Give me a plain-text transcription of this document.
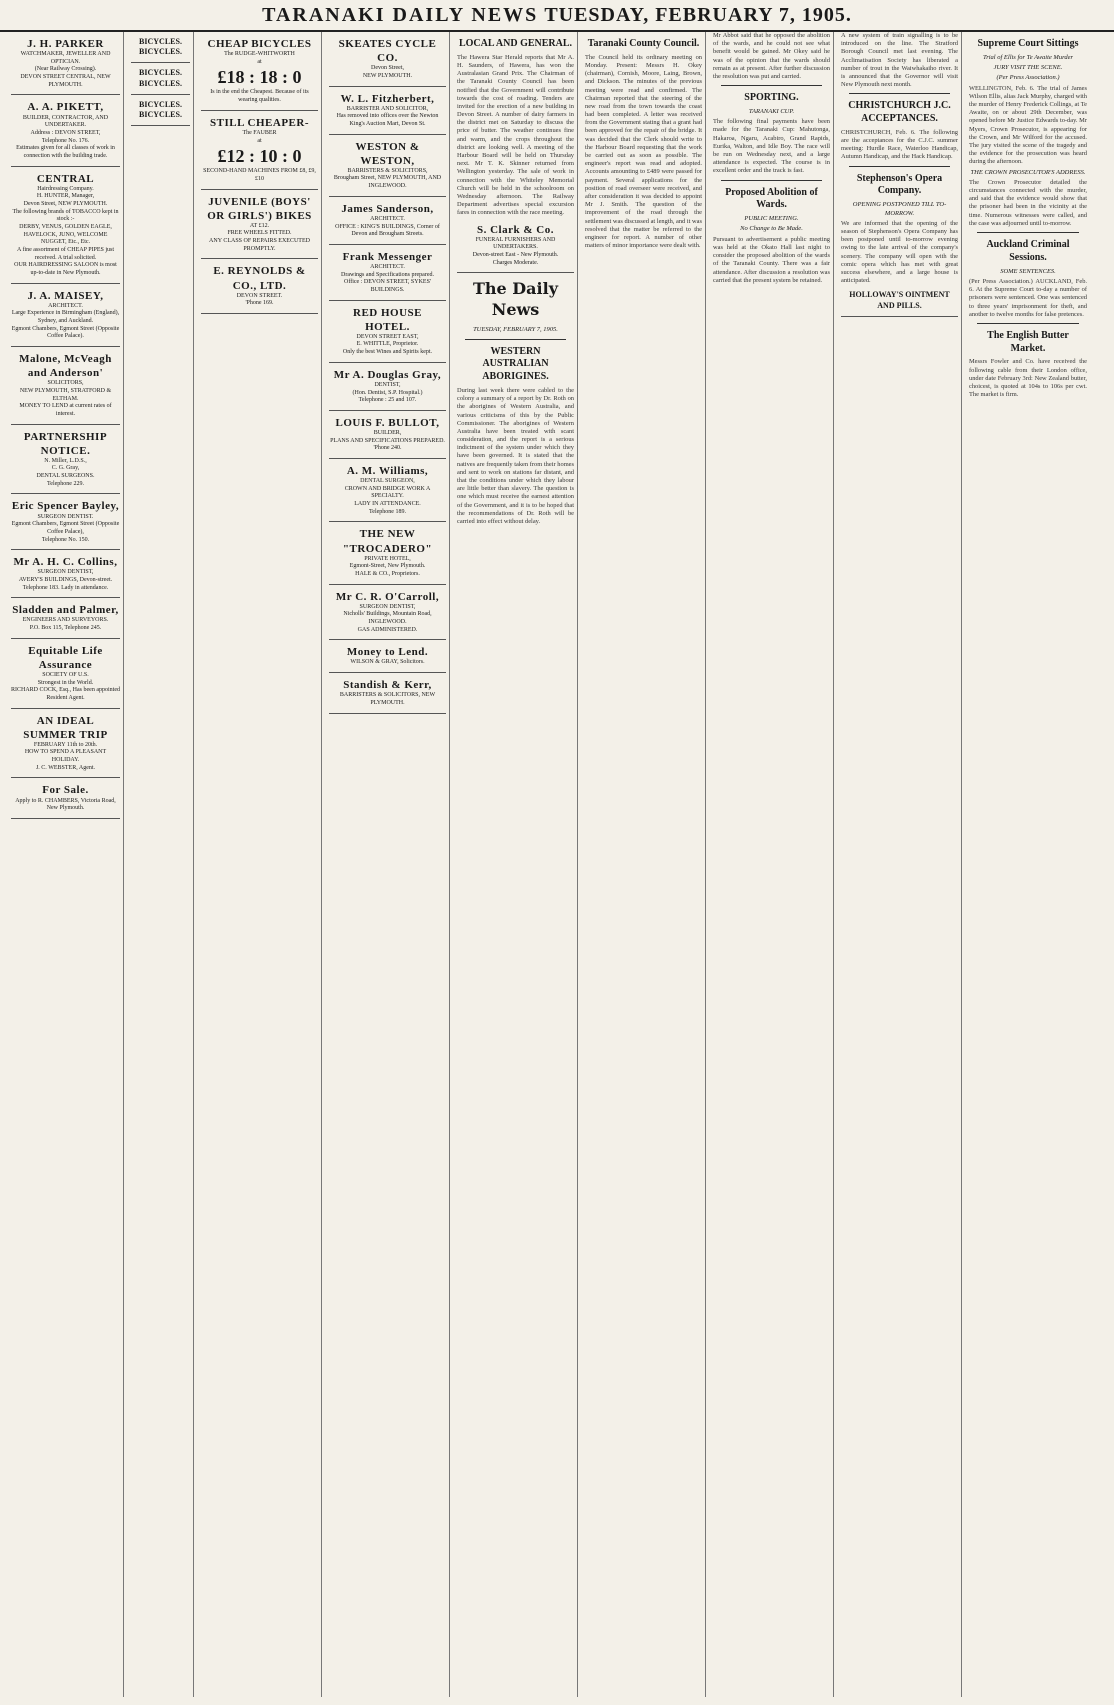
TARANAKI DAILY NEWS TUESDAY, FEBRUARY 7, 1905.
J. H. PARKER
WATCHMAKER, JEWELLER AND OPTICIAN.
(Near Railway Crossing).
DEVON STREET CENTRAL, NEW PLYMOUTH.
A. A. PIKETT,
BUILDER, CONTRACTOR, AND UNDERTAKER.
Address : DEVON STREET,
Telephone No. 176.
Estimates given for all classes of work in connection with the building trade.
CENTRAL
Hairdressing Company.
H. HUNTER, Manager,
Devon Street, NEW PLYMOUTH.
The following brands of TOBACCO kept in stock :-
DERBY, VENUS, GOLDEN EAGLE, HAVELOCK, JUNO, WELCOME NUGGET, Etc., Etc.
A fine assortment of CHEAP PIPES just received. A trial solicited.
OUR HAIRDRESSING SALOON is most up-to-date in New Plymouth.
J. A. MAISEY,
ARCHITECT.
Large Experience in Birmingham (England), Sydney, and Auckland.
Egmont Chambers, Egmont Street (Opposite Coffee Palace).
Malone, McVeagh and Anderson'
SOLICITORS,
NEW PLYMOUTH, STRATFORD & ELTHAM.
MONEY TO LEND at current rates of interest.
PARTNERSHIP NOTICE.
N. Miller, L.D.S.,
C. G. Gray,
DENTAL SURGEONS.
Telephone 229.
Eric Spencer Bayley,
SURGEON DENTIST.
Egmont Chambers, Egmont Street (Opposite Coffee Palace),
Telephone No. 150.
Mr A. H. C. Collins,
SURGEON DENTIST,
AVERY'S BUILDINGS, Devon-street.
Telephone 183. Lady in attendance.
Sladden and Palmer,
ENGINEERS AND SURVEYORS.
P.O. Box 115, Telephone 245.
Equitable Life Assurance
SOCIETY OF U.S.
Strongest in the World.
RICHARD COCK, Esq., Has been appointed Resident Agent.
AN IDEAL SUMMER TRIP
FEBRUARY 11th to 20th.
HOW TO SPEND A PLEASANT HOLIDAY.
J. C. WEBSTER, Agent.
For Sale.
Apply to R. CHAMBERS, Victoria Road, New Plymouth.
BICYCLES. BICYCLES.
BICYCLES. BICYCLES.
BICYCLES. BICYCLES.
CHEAP BICYCLES
The RUDGE-WHITWORTH
at
£18 : 18 : 0
Is in the end the Cheapest. Because of its wearing qualities.
STILL CHEAPER-
The FAUBER
at
£12 : 10 : 0
SECOND-HAND MACHINES FROM £8, £9, £10
JUVENILE (BOYS' OR GIRLS') BIKES
AT £12.
FREE WHEELS FITTED.
ANY CLASS OF REPAIRS EXECUTED PROMPTLY.
E. REYNOLDS & CO., LTD.
DEVON STREET.
'Phone 169.
SKEATES CYCLE CO.
Devon Street,
NEW PLYMOUTH.
W. L. Fitzherbert,
BARRISTER AND SOLICITOR,
Has removed into offices over the Newton King's Auction Mart, Devon St.
WESTON & WESTON,
BARRISTERS & SOLICITORS,
Brougham Street, NEW PLYMOUTH, AND INGLEWOOD.
James Sanderson,
ARCHITECT.
OFFICE : KING'S BUILDINGS, Corner of Devon and Brougham Streets.
Frank Messenger
ARCHITECT.
Drawings and Specifications prepared.
Office : DEVON STREET, SYKES' BUILDINGS.
RED HOUSE HOTEL.
DEVON STREET EAST,
E. WHITTLE, Proprietor.
Only the best Wines and Spirits kept.
Mr A. Douglas Gray,
DENTIST,
(Hon. Dentist, S.P. Hospital.)
Telephone : 25 and 107.
LOUIS F. BULLOT,
BUILDER,
PLANS AND SPECIFICATIONS PREPARED.
'Phone 240.
A. M. Williams,
DENTAL SURGEON,
CROWN AND BRIDGE WORK A SPECIALTY.
LADY IN ATTENDANCE.
Telephone 189.
THE NEW "TROCADERO"
PRIVATE HOTEL,
Egmont-Street, New Plymouth.
HALE & CO., Proprietors.
Mr C. R. O'Carroll,
SURGEON DENTIST,
Nicholls' Buildings, Mountain Road, INGLEWOOD.
GAS ADMINISTERED.
Money to Lend.
WILSON & GRAY, Solicitors.
Standish & Kerr,
BARRISTERS & SOLICITORS, NEW PLYMOUTH.
LOCAL AND GENERAL.
The Hawera Star Herald reports that Mr A. H. Saunders, of Hawera, has won the Australasian Grand Prix. The Chairman of the Taranaki County Council has been notified that the Government will contribute towards the cost of roading. Tenders are invited for the erection of a new building in Devon Street. A number of dairy farmers in the district met on Saturday to discuss the price of butter. The weather continues fine and warm, and the crops throughout the district are looking well. A meeting of the Harbour Board will be held on Thursday next. Mr T. K. Skinner returned from Wellington yesterday. The sale of work in connection with the Whiteley Memorial Church will be held in the schoolroom on Wednesday afternoon. The Railway Department advertises special excursion fares in connection with the race meeting.
S. Clark & Co.
FUNERAL FURNISHERS AND UNDERTAKERS.
Devon-street East - New Plymouth.
Charges Moderate.
The Daily News
TUESDAY, FEBRUARY 7, 1905.
WESTERN AUSTRALIAN ABORIGINES.
During last week there were cabled to the colony a summary of a report by Dr. Roth on the aborigines of Western Australia, and various criticisms of this by the Public Commissioner. The aborigines of Western Australia have been treated with scant consideration, and the report is a serious indictment of the system under which they have been governed. It is stated that the natives are frequently taken from their homes and sent to work on stations far distant, and that the conditions under which they labour are little better than slavery. The question is one which must receive the earnest attention of the Government, and it is to be hoped that the recommendations of Dr. Roth will be carried into effect without delay.
Taranaki County Council.
The Council held its ordinary meeting on Monday. Present: Messrs H. Okey (chairman), Cornish, Moore, Laing, Brown, and Dickson. The minutes of the previous meeting were read and confirmed. The Chairman reported that the steering of the new road from the town towards the coast had been completed. A letter was received from the Government stating that a grant had been approved for the repair of the bridge. It was decided that the Clerk should write to the Harbour Board requesting that the work be carried out as soon as possible. The engineer's report was read and adopted. Accounts amounting to £489 were passed for payment. Several applications for the position of road overseer were received, and after consideration it was decided to appoint Mr J. Smith. The question of the improvement of the road through the settlement was discussed at length, and it was resolved that the matter be referred to the engineer for report. A number of other matters of minor importance were dealt with.
Mr Abbot said that he opposed the abolition of the wards, and he could not see what benefit would be gained. Mr Okey said he was of the opinion that the wards should remain as at present. After further discussion the resolution was put and carried.
SPORTING.
TARANAKI CUP.
The following final payments have been made for the Taranaki Cup: Mahutonga, Hakaroa, Ngaru, Acabiro, Grand Rapids, Eurika, Walton, and Idle Boy. The race will be run on Wednesday next, and a large attendance is expected. The course is in excellent order and the track is fast.
Proposed Abolition of Wards.
PUBLIC MEETING.
No Change to Be Made.
Pursuant to advertisement a public meeting was held at the Okato Hall last night to consider the proposed abolition of the wards of the Taranaki County. There was a fair attendance. After discussion a resolution was carried that the present system be retained.
A new system of train signalling is to be introduced on the line. The Stratford Borough Council met last evening. The Acclimatisation Society has liberated a number of trout in the Waiwhakaiho river. It is announced that the Governor will visit New Plymouth next month.
CHRISTCHURCH J.C. ACCEPTANCES.
CHRISTCHURCH, Feb. 6. The following are the acceptances for the C.J.C. summer meeting: Hurdle Race, Waterloo Handicap, Autumn Handicap, and the Hack Handicap.
Stephenson's Opera Company.
OPENING POSTPONED TILL TO-MORROW.
We are informed that the opening of the season of Stephenson's Opera Company has been postponed until to-morrow evening owing to the late arrival of the company's scenery. The company will open with the comic opera which has met with great success elsewhere, and a large house is anticipated.
HOLLOWAY'S OINTMENT AND PILLS.
Supreme Court Sittings
Trial of Ellis for Te Awaite Murder
JURY VISIT THE SCENE.
(Per Press Association.)
WELLINGTON, Feb. 6. The trial of James Wilson Ellis, alias Jack Murphy, charged with the murder of Henry Frederick Collings, at Te Awaite, on or about 29th December, was opened before Mr Justice Edwards to-day. Mr Myers, Crown Prosecutor, is appearing for the Crown, and Mr Wilford for the accused. The jury visited the scene of the tragedy and the evidence for the prosecution was heard during the afternoon.
THE CROWN PROSECUTOR'S ADDRESS.
The Crown Prosecutor detailed the circumstances connected with the murder, and said that the evidence would show that the prisoner had been in the vicinity at the time. Numerous witnesses were called, and the case was adjourned until to-morrow.
Auckland Criminal Sessions.
SOME SENTENCES.
(Per Press Association.) AUCKLAND, Feb. 6. At the Supreme Court to-day a number of prisoners were sentenced. One was sentenced to three years' imprisonment for theft, and another to twelve months for false pretences.
The English Butter Market.
Messrs Fowler and Co. have received the following cable from their London office, under date February 3rd: New Zealand butter, choicest, is quoted at 104s to 106s per cwt. The market is firm.
